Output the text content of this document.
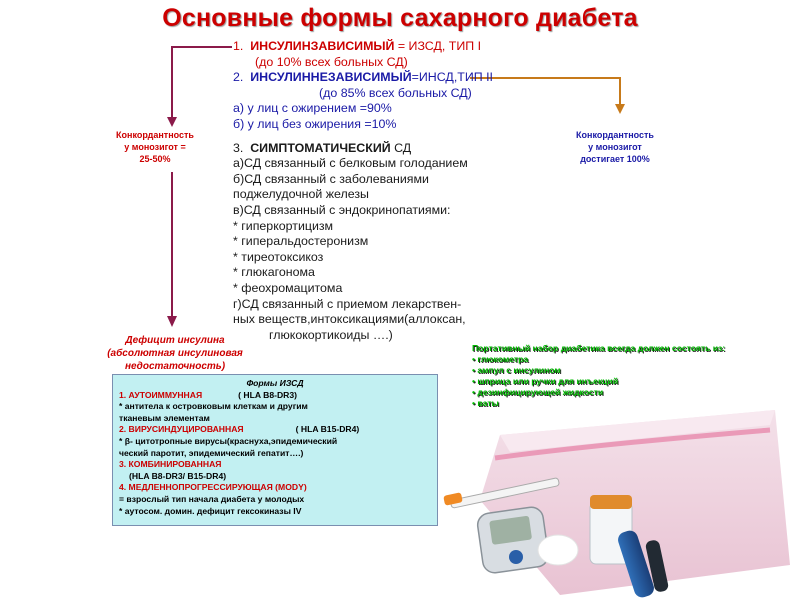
Основные формы сахарного диабета
1. ИНСУЛИНЗАВИСИМЫЙ = ИЗСД, ТИП I
(до 10% всех больных СД)
2. ИНСУЛИННЕЗАВИСИМЫЙ=ИНСД,ТИП II
(до 85% всех больных СД)
а) у лиц с ожирением =90%
б) у лиц без ожирения =10%
3. СИМПТОМАТИЧЕСКИЙ СД
а)СД связанный с белковым голоданием
б)СД связанный с заболеваниями
поджелудочной железы
в)СД связанный с эндокринопатиями:
* гиперкортицизм
* гиперальдостеронизм
* тиреотоксикоз
* глюкагонома
* феохромацитома
г)СД связанный с приемом лекарствен-
ных веществ,интоксикациями(аллоксан,
глюкокортикоиды ….)
Конкордантность
у монозигот =
25-50%
Конкордантность
у монозигот
достигает 100%
Дефицит инсулина
(абсолютная инсулиновая
недостаточность)
Формы ИЗСД
1. АУТОИММУННАЯ	( HLA B8-DR3)
* антитела к островковым клеткам и другим
тканевым элементам
2. ВИРУСИНДУЦИРОВАННАЯ	( HLA B15-DR4)
* β- цитотропные вирусы(краснуха,эпидемический
ческий паротит, эпидемический гепатит….)
3. КОМБИНИРОВАННАЯ
(HLA B8-DR3/ B15-DR4)
4. МЕДЛЕННОПРОГРЕССИРУЮЩАЯ (MODY)
= взрослый тип начала диабета у молодых
* аутосом. домин. дефицит гексокиназы IV
Портативный набор диабетика всегда должен состоять из:
• глюкометра
• ампул с инсулином
• шприца или ручки для инъекций
• дезинфицирующей жидкости
• ваты
